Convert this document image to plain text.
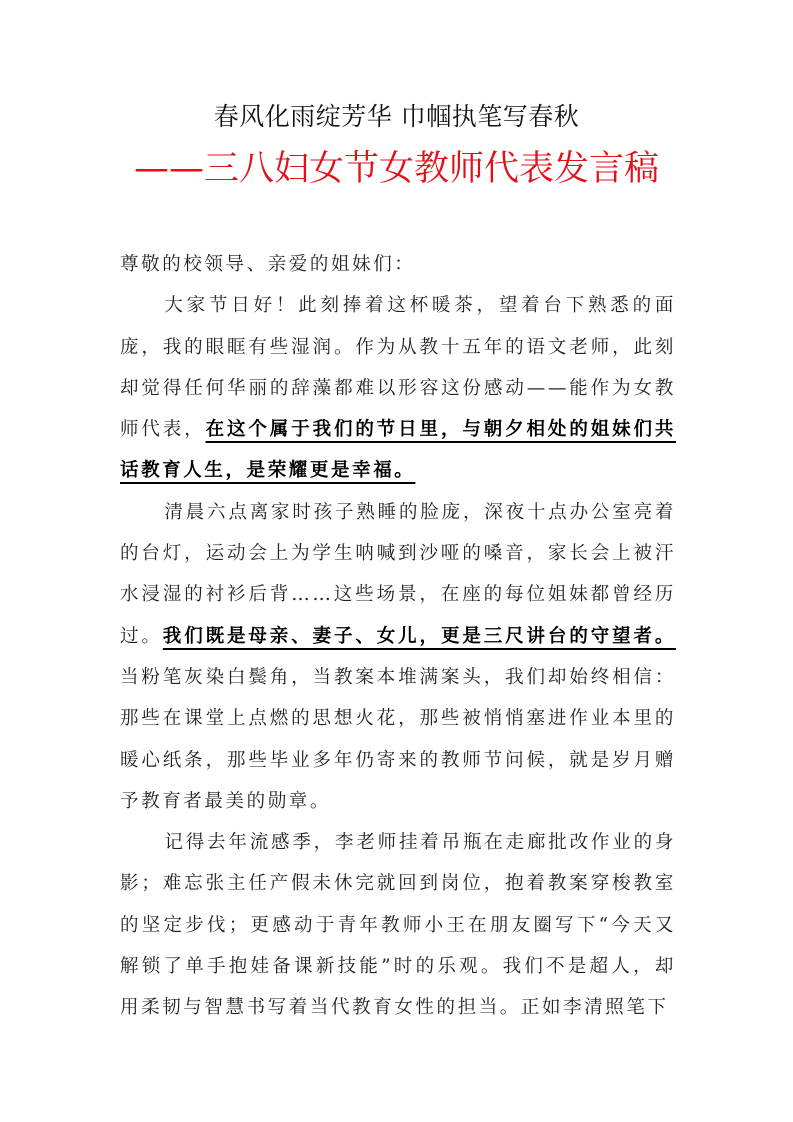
春风化雨绽芳华 巾帼执笔写春秋
——三八妇女节女教师代表发言稿

尊敬的校领导、亲爱的姐妹们：

大家节日好！此刻捧着这杯暖茶，望着台下熟悉的面庞，我的眼眶有些湿润。作为从教十五年的语文老师，此刻却觉得任何华丽的辞藻都难以形容这份感动——能作为女教师代表，在这个属于我们的节日里，与朝夕相处的姐妹们共话教育人生，是荣耀更是幸福。

清晨六点离家时孩子熟睡的脸庞，深夜十点办公室亮着的台灯，运动会上为学生呐喊到沙哑的嗓音，家长会上被汗水浸湿的衬衫后背……这些场景，在座的每位姐妹都曾经历过。我们既是母亲、妻子、女儿，更是三尺讲台的守望者。当粉笔灰染白鬓角，当教案本堆满案头，我们却始终相信：那些在课堂上点燃的思想火花，那些被悄悄塞进作业本里的暖心纸条，那些毕业多年仍寄来的教师节问候，就是岁月赠予教育者最美的勋章。

记得去年流感季，李老师挂着吊瓶在走廊批改作业的身影；难忘张主任产假未休完就回到岗位，抱着教案穿梭教室的坚定步伐；更感动于青年教师小王在朋友圈写下“今天又解锁了单手抱娃备课新技能”时的乐观。我们不是超人，却用柔韧与智慧书写着当代教育女性的担当。正如李清照笔下
